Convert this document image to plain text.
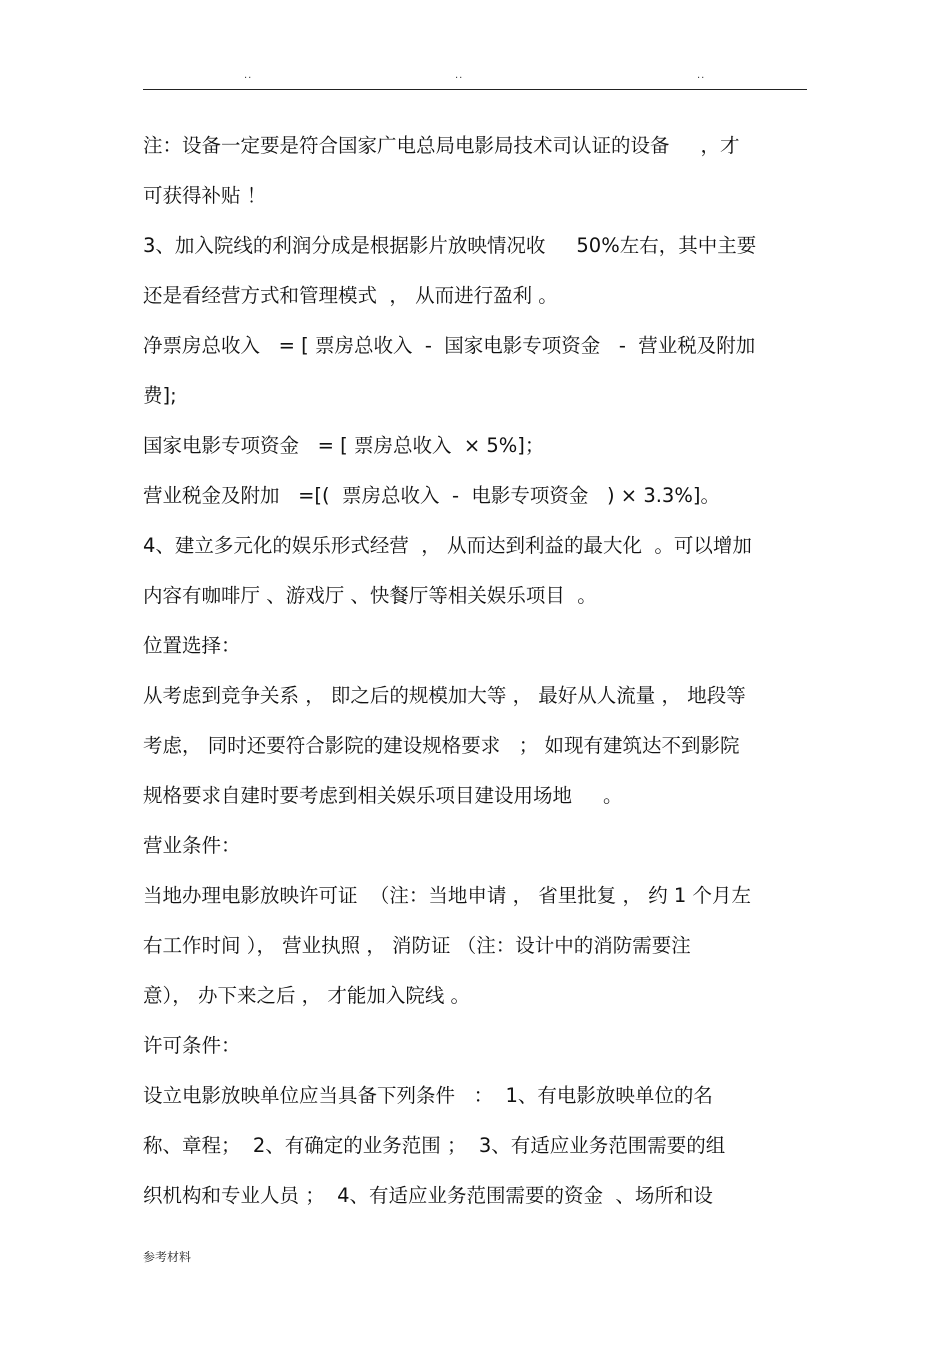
..	..	..
注：设备一定要是符合国家广电总局电影局技术司认证的设备     ，才
可获得补贴 ！
3、加入院线的利润分成是根据影片放映情况收     50%左右，其中主要
还是看经营方式和管理模式  ， 从而进行盈利 。
净票房总收入   = [ 票房总收入  -  国家电影专项资金   -  营业税及附加
费];
国家电影专项资金   = [ 票房总收入  × 5%]；
营业税金及附加   =[(  票房总收入  -  电影专项资金   ) × 3.3%]。
4、建立多元化的娱乐形式经营  ， 从而达到利益的最大化  。可以增加
内容有咖啡厅 、游戏厅 、快餐厅等相关娱乐项目  。
位置选择：
从考虑到竞争关系 ， 即之后的规模加大等 ， 最好从人流量 ， 地段等
考虑， 同时还要符合影院的建设规格要求   ； 如现有建筑达不到影院
规格要求自建时要考虑到相关娱乐项目建设用场地     。
营业条件：
当地办理电影放映许可证  （注：当地申请 ， 省里批复 ， 约 1 个月左
右工作时间 ）， 营业执照 ， 消防证 （注：设计中的消防需要注
意）， 办下来之后 ， 才能加入院线 。
许可条件：
设立电影放映单位应当具备下列条件   ：  1、有电影放映单位的名
称、章程；  2、有确定的业务范围 ；  3、有适应业务范围需要的组
织机构和专业人员 ；  4、有适应业务范围需要的资金  、场所和设
参考材料
